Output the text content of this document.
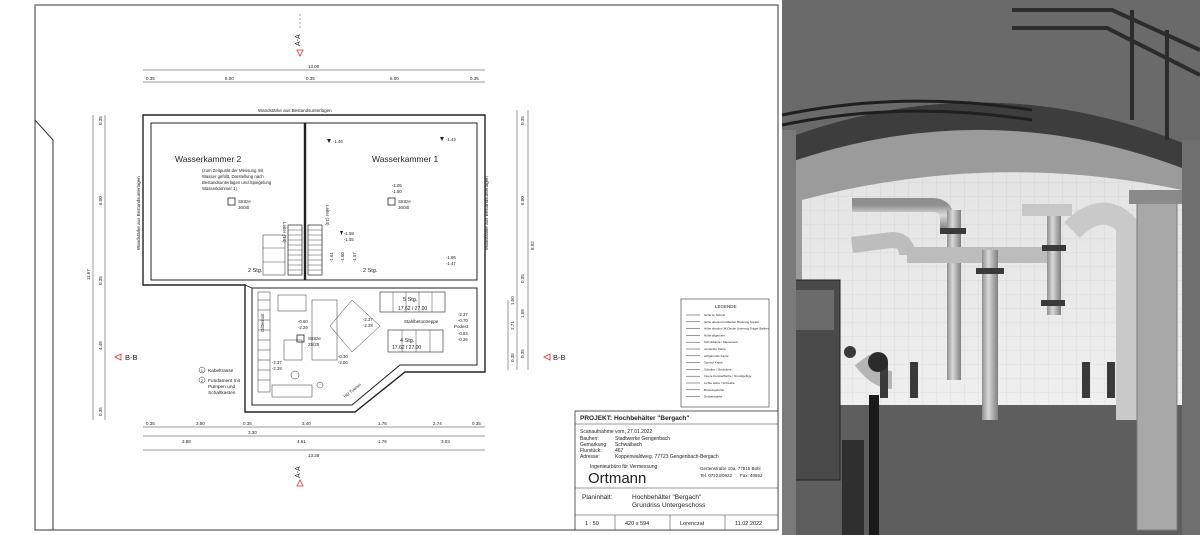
A-A
A-A
B-B	B-B
13.00
0.35	6.00	0.35	6.00	0.35
11.67
0.35
6.00
0.35
4.48
0.35
8.92
0.35
6.00
0.35
1.58
0.35
1.50
2.71
0.35
0.35	3.50	0.35	3.40	1.76	2.74	0.35
3.30
3.88	4.61	1.76	3.03
13.28
Wandstärke aus Bestandsunterlagen
Wandstärke aus Bestandsunterlagen	Wandstärke aus Bestandsunterlagen
Wasserkammer 2
(zum Zeitpunkt der Messung mit
Wasser gefüllt, Darstellung nach
Bestandsunterlagen und Spiegelung
Wasserkammer 1)
Stütze
30/30
Wasserkammer 1
Stütze
30/30
Leiter (14)
Leiter (14)
2 Stg.	2 Stg.
-1.46	-1.43
-1.05
-1.50
-1.58
-1.55
-1.61 -1.60 -1.57	-1.86
-1.47
5 Stg.
17.62 / 27.00
Stahlbetontreppe
4 Stg.
17.62 / 27.00
Podest
Gitterrost
Stütze
25/25
HU Tueren
-0.60
-2.29
-2.37
-2.28
-0.30
-2.06
-2.37	-0.70
-0.84
-0.26
-2.37
-2.28
1 Kabeltrasse
2 Fundament mit Pumpen und Schaltkasten
LEGENDE
Höhe im Schnitt
Höhe absolut Fußboden Brüstung Sockel
Höhe absolut UK Decke Unterzug Träger Balken
Höhe allgemein
Schnittkante / Mauerwerk
verdeckte Kante
aufgehende Kante
Symbol Kante
Schalter / Steckdose
Innere Fensterfläche / Grundgefüge
Lichte Höhe / Schwelle
Brüstungshöhe
Deckenstärke
PROJEKT: Hochbehälter "Bergach"
Scanaufnahme vom, 27.01.2022
Bauherr:	Stadtwerke Gengenbach
Gemarkung: Schwaibach
Flurstück:	467
Adresse:	Koppenwaldweg, 77723 Gengenbach-Bergach
Ingenieurbüro für Vermessung
Ortmann
Gertenstraße 10a, 77815 Bühl
Tel. 07223/0922 Fax: 40552
Planinhalt:	Hochbehälter "Bergach"
Grundriss Untergeschoss
1 : 50	420 x 594	Lorenczat	11.02.2022
